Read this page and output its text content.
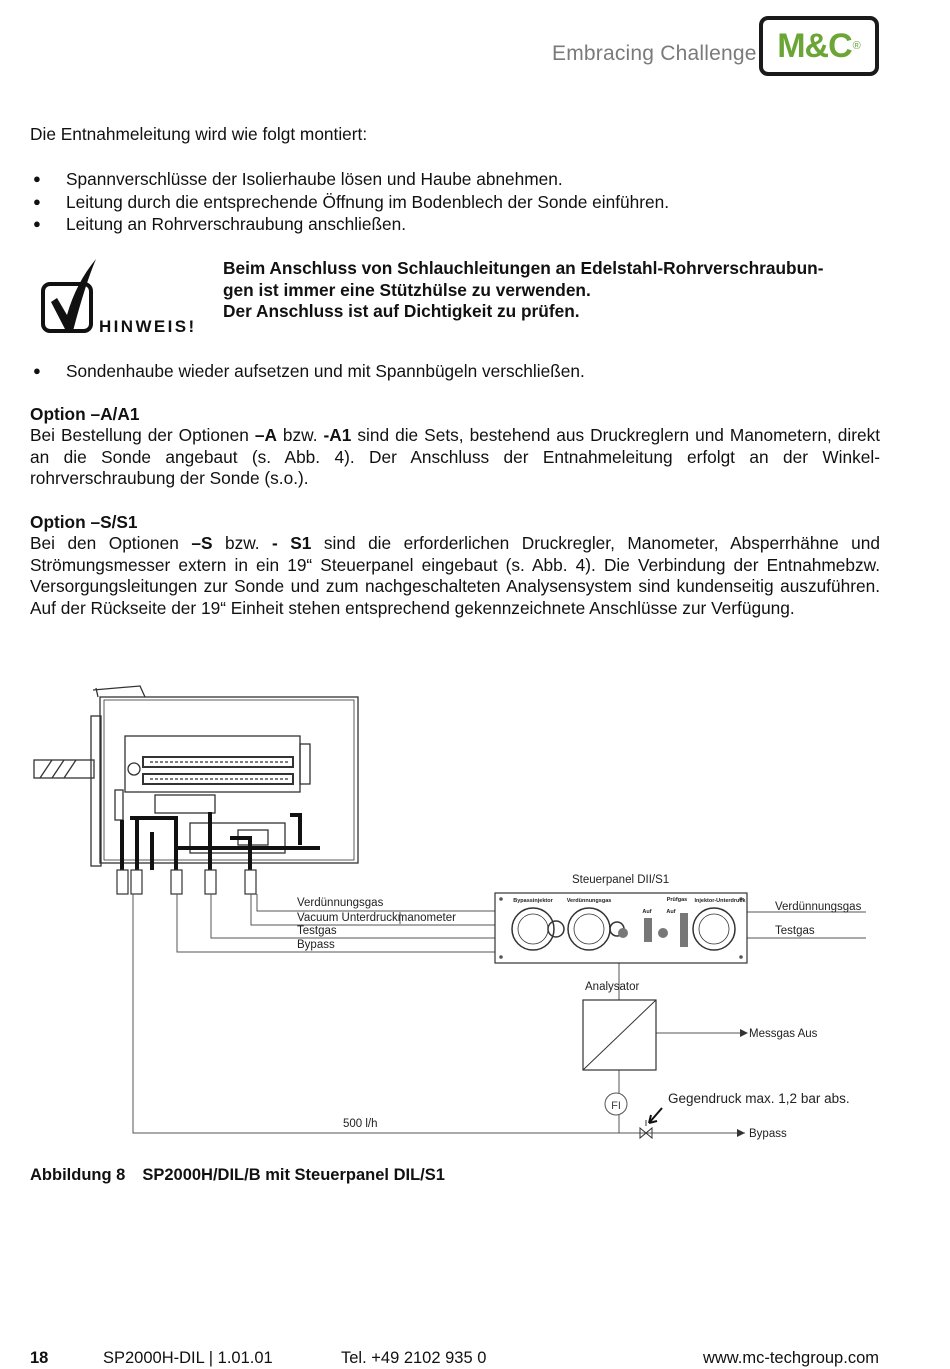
Embracing Challenge M&C ®
Die Entnahmeleitung wird wie folgt montiert:
● Spannverschlüsse der Isolierhaube lösen und Haube abnehmen.
● Leitung durch die entsprechende Öffnung im Bodenblech der Sonde einführen.
● Leitung an Rohrverschraubung anschließen.
HINWEIS!
Beim Anschluss von Schlauchleitungen an Edelstahl-Rohrverschraubun-
gen ist immer eine Stützhülse zu verwenden.
Der Anschluss ist auf Dichtigkeit zu prüfen.
● Sondenhaube wieder aufsetzen und mit Spannbügeln verschließen.
Option –A/A1
Bei Bestellung der Optionen –A bzw. -A1 sind die Sets, bestehend aus Druckreglern und Manometern, direkt an die Sonde angebaut (s. Abb. 4). Der Anschluss der Entnahmeleitung erfolgt an der Winkelrohrverschraubung der Sonde (s.o.).
Option –S/S1
Bei den Optionen –S bzw. - S1 sind die erforderlichen Druckregler, Manometer, Absperrhähne und Strömungsmesser extern in ein 19“ Steuerpanel eingebaut (s. Abb. 4). Die Verbindung der Entnahmebzw. Versorgungsleitungen zur Sonde und zum nachgeschalteten Analysensystem sind kundenseitig auszuführen. Auf der Rückseite der 19“ Einheit stehen entsprechend gekennzeichnete Anschlüsse zur Verfügung.
FI
Bypassinjektor	Verdünnungsgas	Prüfgas Injektor-Unterdruck
Auf	Auf
Steuerpanel DII/S1
Verdünnungsgas
Vacuum Unterdruckmanometer
Testgas
Bypass
Verdünnungsgas
Testgas
Analysator
Messgas Aus
500 l/h
Gegendruck max. 1,2 bar abs.
Bypass
Abbildung 8 SP2000H/DIL/B mit Steuerpanel DIL/S1
18	SP2000H-DIL | 1.01.01	Tel. +49 2102 935 0	www.mc-techgroup.com
